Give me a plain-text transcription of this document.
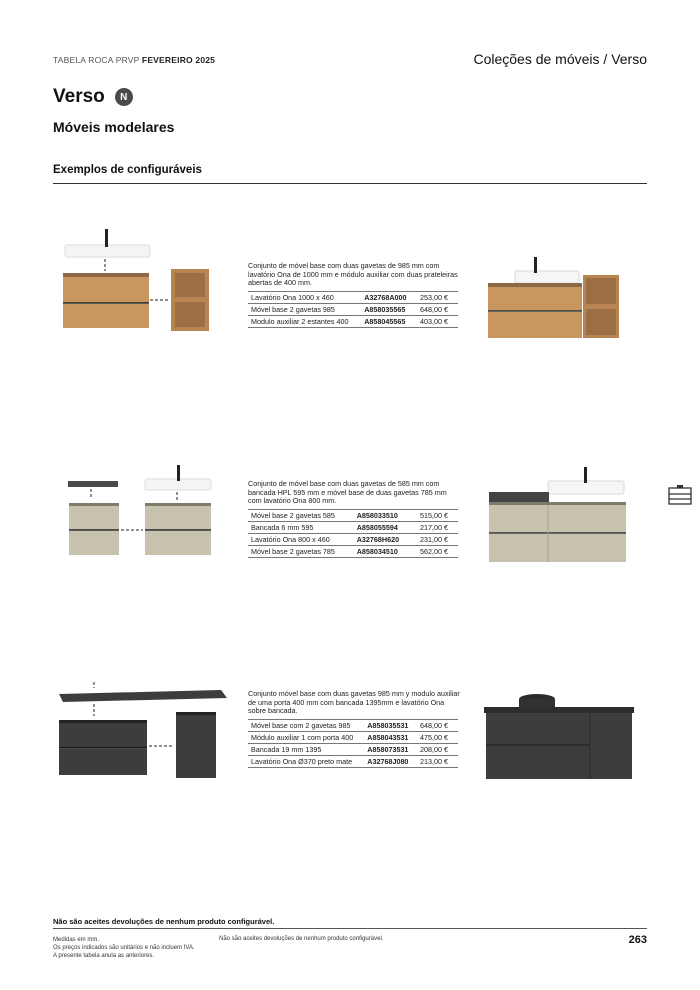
TABELA ROCA PRVP FEVEREIRO 2025	Coleções de móveis / Verso
Verso	N
Móveis modelares
Exemplos de configuráveis

Conjunto de móvel base com duas gavetas de 985 mm com lavatório Ona de 1000 mm e módulo auxiliar com duas prateleiras abertas de 400 mm.

Lavatório Ona 1000 x 460	A32768A000	253,00 €
Móvel base 2 gavetas 985	A858035565	648,00 €
Modulo auxiliar 2 estantes 400	A858045565	403,00 €

Conjunto de móvel base com duas gavetas de 585 mm com bancada HPL 595 mm e móvel base de duas gavetas 785 mm com lavatório Ona 800 mm.

Móvel base 2 gavetas 585	A858033510	515,00 €
Bancada 6 mm 595	A858055594	217,00 €
Lavatório Ona 800 x 460	A32768H620	231,00 €
Móvel base 2 gavetas 785	A858034510	562,00 €

Conjunto móvel base com duas gavetas 985 mm y modulo auxiliar de uma porta 400 mm com bancada 1395mm e lavatório Ona sobre bancada.

Móvel base com 2 gavetas 985	A858035531	648,00 €
Módulo auxiliar 1 com porta 400	A858043531	475,00 €
Bancada 19 mm 1395	A858073531	208,00 €
Lavatório Ona Ø370 preto mate	A32768J080	213,00 €
Não são aceites devoluções de nenhum produto configurável.
Medidas em mm.
Os preços indicados são unitários e não incluem IVA.
A presente tabela anula as anteriores.
Não são aceites devoluções de nenhum produto configurável.	263
